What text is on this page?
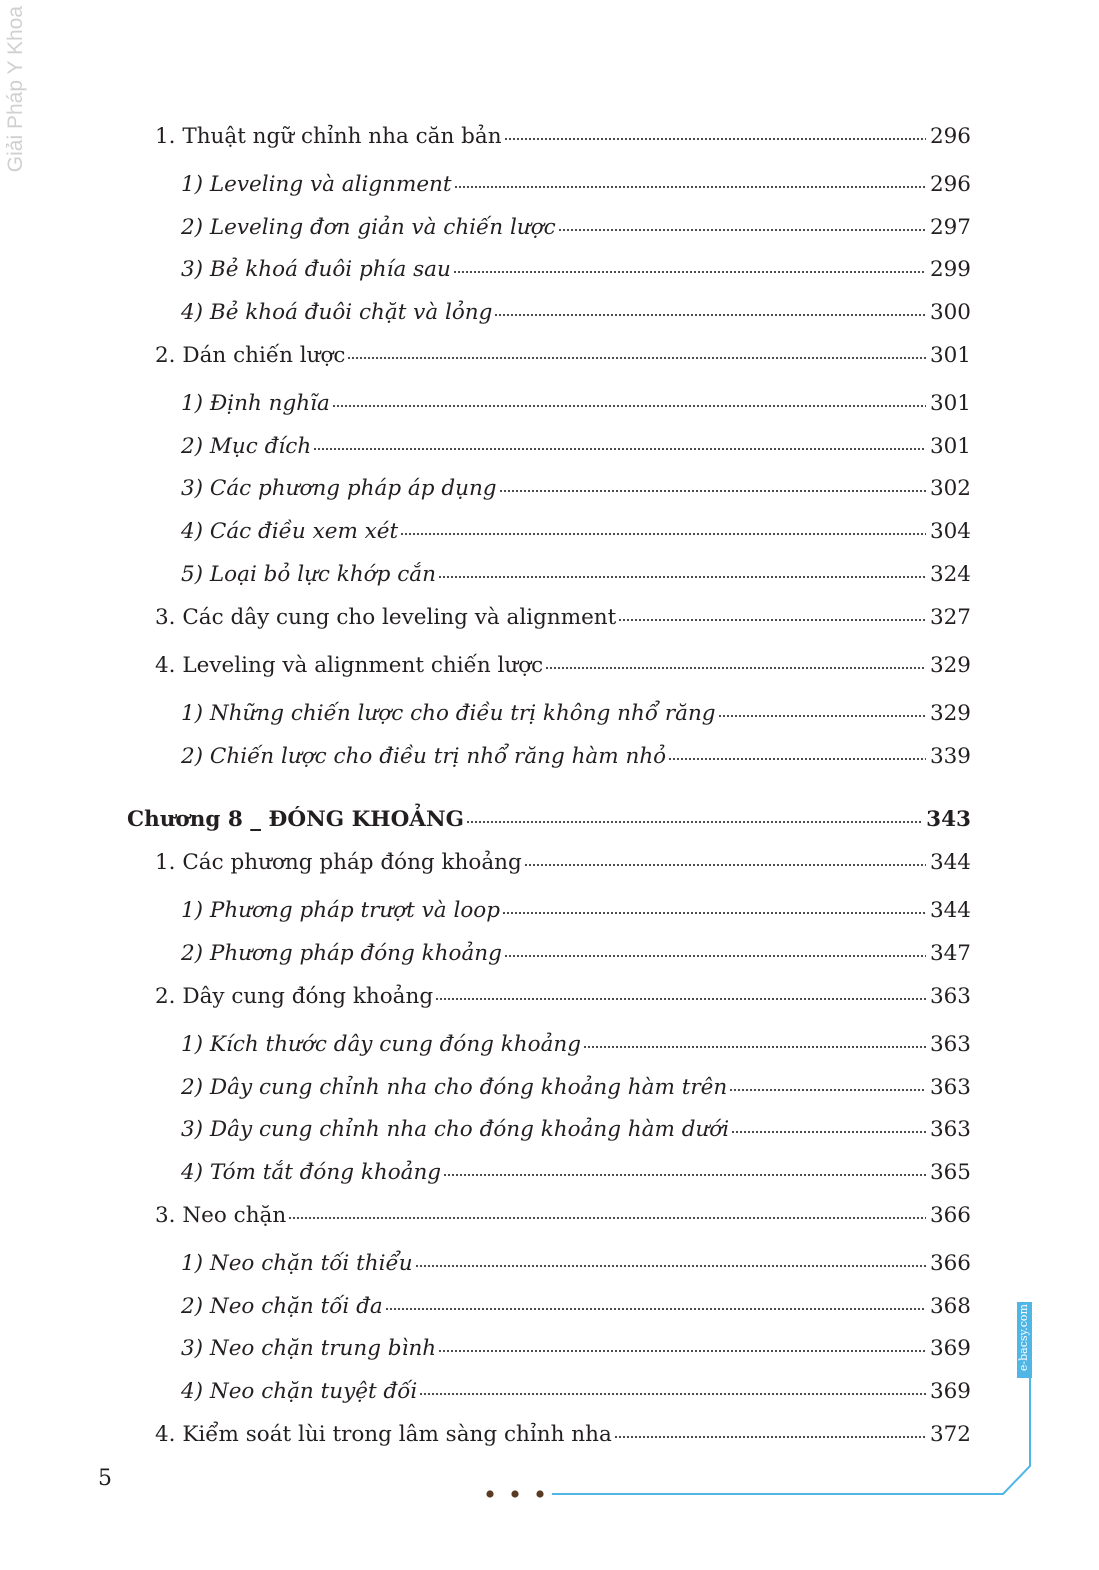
Giải Pháp Y Khoa	1. Thuật ngữ chỉnh nha căn bản	296
1) Leveling và alignment	296
2) Leveling đơn giản và chiến lược	297
3) Bẻ khoá đuôi phía sau	299
4) Bẻ khoá đuôi chặt và lỏng	300
2. Dán chiến lược	301
1) Định nghĩa	301
2) Mục đích	301
3) Các phương pháp áp dụng	302
4) Các điều xem xét	304
5) Loại bỏ lực khớp cắn	324
3. Các dây cung cho leveling và alignment	327
4. Leveling và alignment chiến lược	329
1) Những chiến lược cho điều trị không nhổ răng	329
2) Chiến lược cho điều trị nhổ răng hàm nhỏ	339
Chương 8 _ ĐÓNG KHOẢNG	343
1. Các phương pháp đóng khoảng	344
1) Phương pháp trượt và loop	344
2) Phương pháp đóng khoảng	347
2. Dây cung đóng khoảng	363
1) Kích thước dây cung đóng khoảng	363
2) Dây cung chỉnh nha cho đóng khoảng hàm trên	363
3) Dây cung chỉnh nha cho đóng khoảng hàm dưới	363
4) Tóm tắt đóng khoảng	365
3. Neo chặn	366
1) Neo chặn tối thiểu	366
2) Neo chặn tối đa	368
3) Neo chặn trung bình	369
4) Neo chặn tuyệt đối	369
4. Kiểm soát lùi trong lâm sàng chỉnh nha	372
5
e-bacsy.com
